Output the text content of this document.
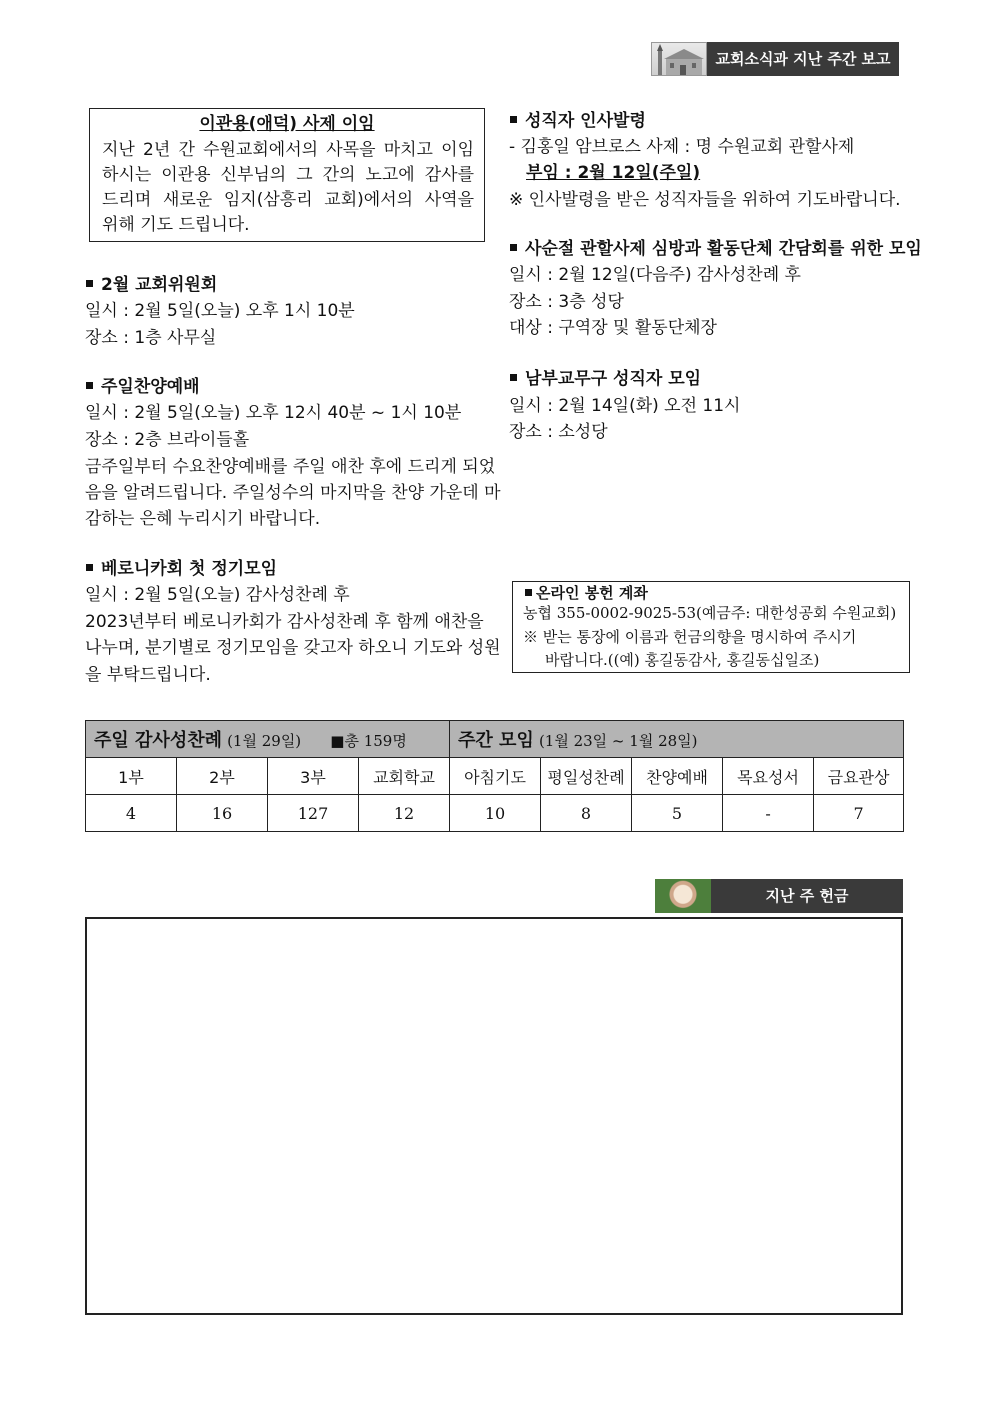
교회소식과 지난 주간 보고
이관용(애덕) 사제 이임
지난 2년 간 수원교회에서의 사목을 마치고 이임
하시는 이관용 신부님의 그 간의 노고에 감사를
드리며 새로운 임지(삼흥리 교회)에서의 사역을
위해 기도 드립니다.
2월 교회위원회
일시 : 2월 5일(오늘) 오후 1시 10분
장소 : 1층 사무실
주일찬양예배
일시 : 2월 5일(오늘) 오후 12시 40분 ~ 1시 10분
장소 : 2층 브라이들홀
금주일부터 수요찬양예배를 주일 애찬 후에 드리게 되었
음을 알려드립니다. 주일성수의 마지막을 찬양 가운데 마
감하는 은혜 누리시기 바랍니다.
베로니카회 첫 정기모임
일시 : 2월 5일(오늘) 감사성찬례 후
2023년부터 베로니카회가 감사성찬례 후 함께 애찬을
나누며, 분기별로 정기모임을 갖고자 하오니 기도와 성원
을 부탁드립니다.
성직자 인사발령
- 김홍일 암브로스 사제 : 명 수원교회 관할사제
부임 : 2월 12일(주일)
※ 인사발령을 받은 성직자들을 위하여 기도바랍니다.
사순절 관할사제 심방과 활동단체 간담회를 위한 모임
일시 : 2월 12일(다음주) 감사성찬례 후
장소 : 3층 성당
대상 : 구역장 및 활동단체장
남부교무구 성직자 모임
일시 : 2월 14일(화) 오전 11시
장소 : 소성당
온라인 봉헌 계좌
농협 355-0002-9025-53(예금주: 대한성공회 수원교회)
※ 받는 통장에 이름과 헌금의향을 명시하여 주시기
바랍니다.((예) 홍길동감사, 홍길동십일조)
주일 감사성찬례 (1월 29일) ■총 159명				주간 모임 (1월 23일 ~ 1월 28일)				
1부	2부	3부	교회학교	아침기도	평일성찬례	찬양예배	목요성서	금요관상
4	16	127	12	10	8	5	-	7
지난 주 헌금
